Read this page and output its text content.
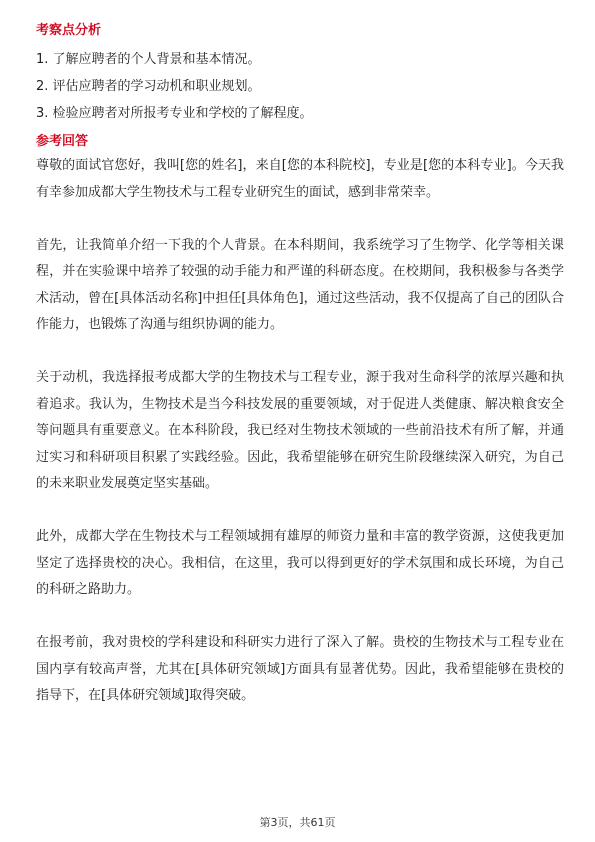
考察点分析
1. 了解应聘者的个人背景和基本情况。
2. 评估应聘者的学习动机和职业规划。
3. 检验应聘者对所报考专业和学校的了解程度。
参考回答

尊敬的面试官您好，我叫[您的姓名]，来自[您的本科院校]，专业是[您的本科专业]。今天我有幸参加成都大学生物技术与工程专业研究生的面试，感到非常荣幸。

首先，让我简单介绍一下我的个人背景。在本科期间，我系统学习了生物学、化学等相关课程，并在实验课中培养了较强的动手能力和严谨的科研态度。在校期间，我积极参与各类学术活动，曾在[具体活动名称]中担任[具体角色]，通过这些活动，我不仅提高了自己的团队合作能力，也锻炼了沟通与组织协调的能力。

关于动机，我选择报考成都大学的生物技术与工程专业，源于我对生命科学的浓厚兴趣和执着追求。我认为，生物技术是当今科技发展的重要领域，对于促进人类健康、解决粮食安全等问题具有重要意义。在本科阶段，我已经对生物技术领域的一些前沿技术有所了解，并通过实习和科研项目积累了实践经验。因此，我希望能够在研究生阶段继续深入研究，为自己的未来职业发展奠定坚实基础。

此外，成都大学在生物技术与工程领域拥有雄厚的师资力量和丰富的教学资源，这使我更加坚定了选择贵校的决心。我相信，在这里，我可以得到更好的学术氛围和成长环境，为自己的科研之路助力。

在报考前，我对贵校的学科建设和科研实力进行了深入了解。贵校的生物技术与工程专业在国内享有较高声誉，尤其在[具体研究领域]方面具有显著优势。因此，我希望能够在贵校的指导下，在[具体研究领域]取得突破。

第3页，共61页
